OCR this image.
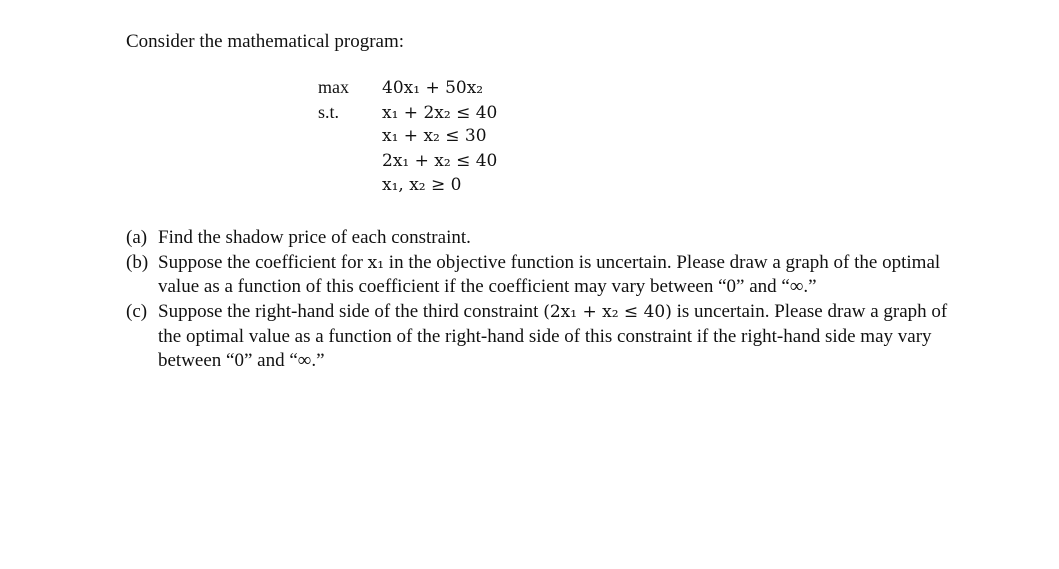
Consider the mathematical program:

max	40x₁ + 50x₂
s.t.	x₁ + 2x₂ ≤ 40
x₁ + x₂ ≤ 30
2x₁ + x₂ ≤ 40
x₁, x₂ ≥ 0
(a) Find the shadow price of each constraint.
(b) Suppose the coefficient for x₁ in the objective function is uncertain. Please draw a graph of the optimal value as a function of this coefficient if the coefficient may vary between “0” and “∞.”
(c) Suppose the right-hand side of the third constraint (2x₁ + x₂ ≤ 40) is uncertain. Please draw a graph of the optimal value as a function of the right-hand side of this constraint if the right-hand side may vary between “0” and “∞.”
